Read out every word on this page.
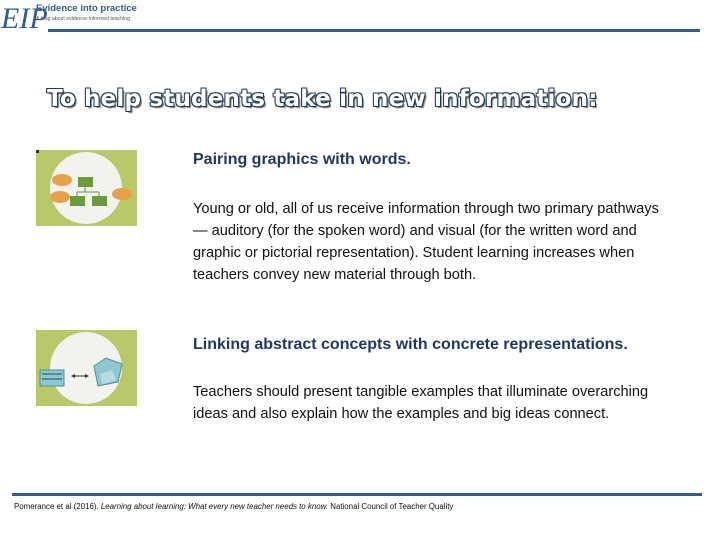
EIP
Evidence into practice
A blog about evidence-informed teaching
To help students take in new information:
Pairing graphics with words.

Young or old, all of us receive information through two primary pathways — auditory (for the spoken word) and visual (for the written word and graphic or pictorial representation). Student learning increases when teachers convey new material through both.

Linking abstract concepts with concrete representations.

Teachers should present tangible examples that illuminate overarching ideas and also explain how the examples and big ideas connect.

Pomerance et al (2016). Learning about learning: What every new teacher needs to know. National Council of Teacher Quality
